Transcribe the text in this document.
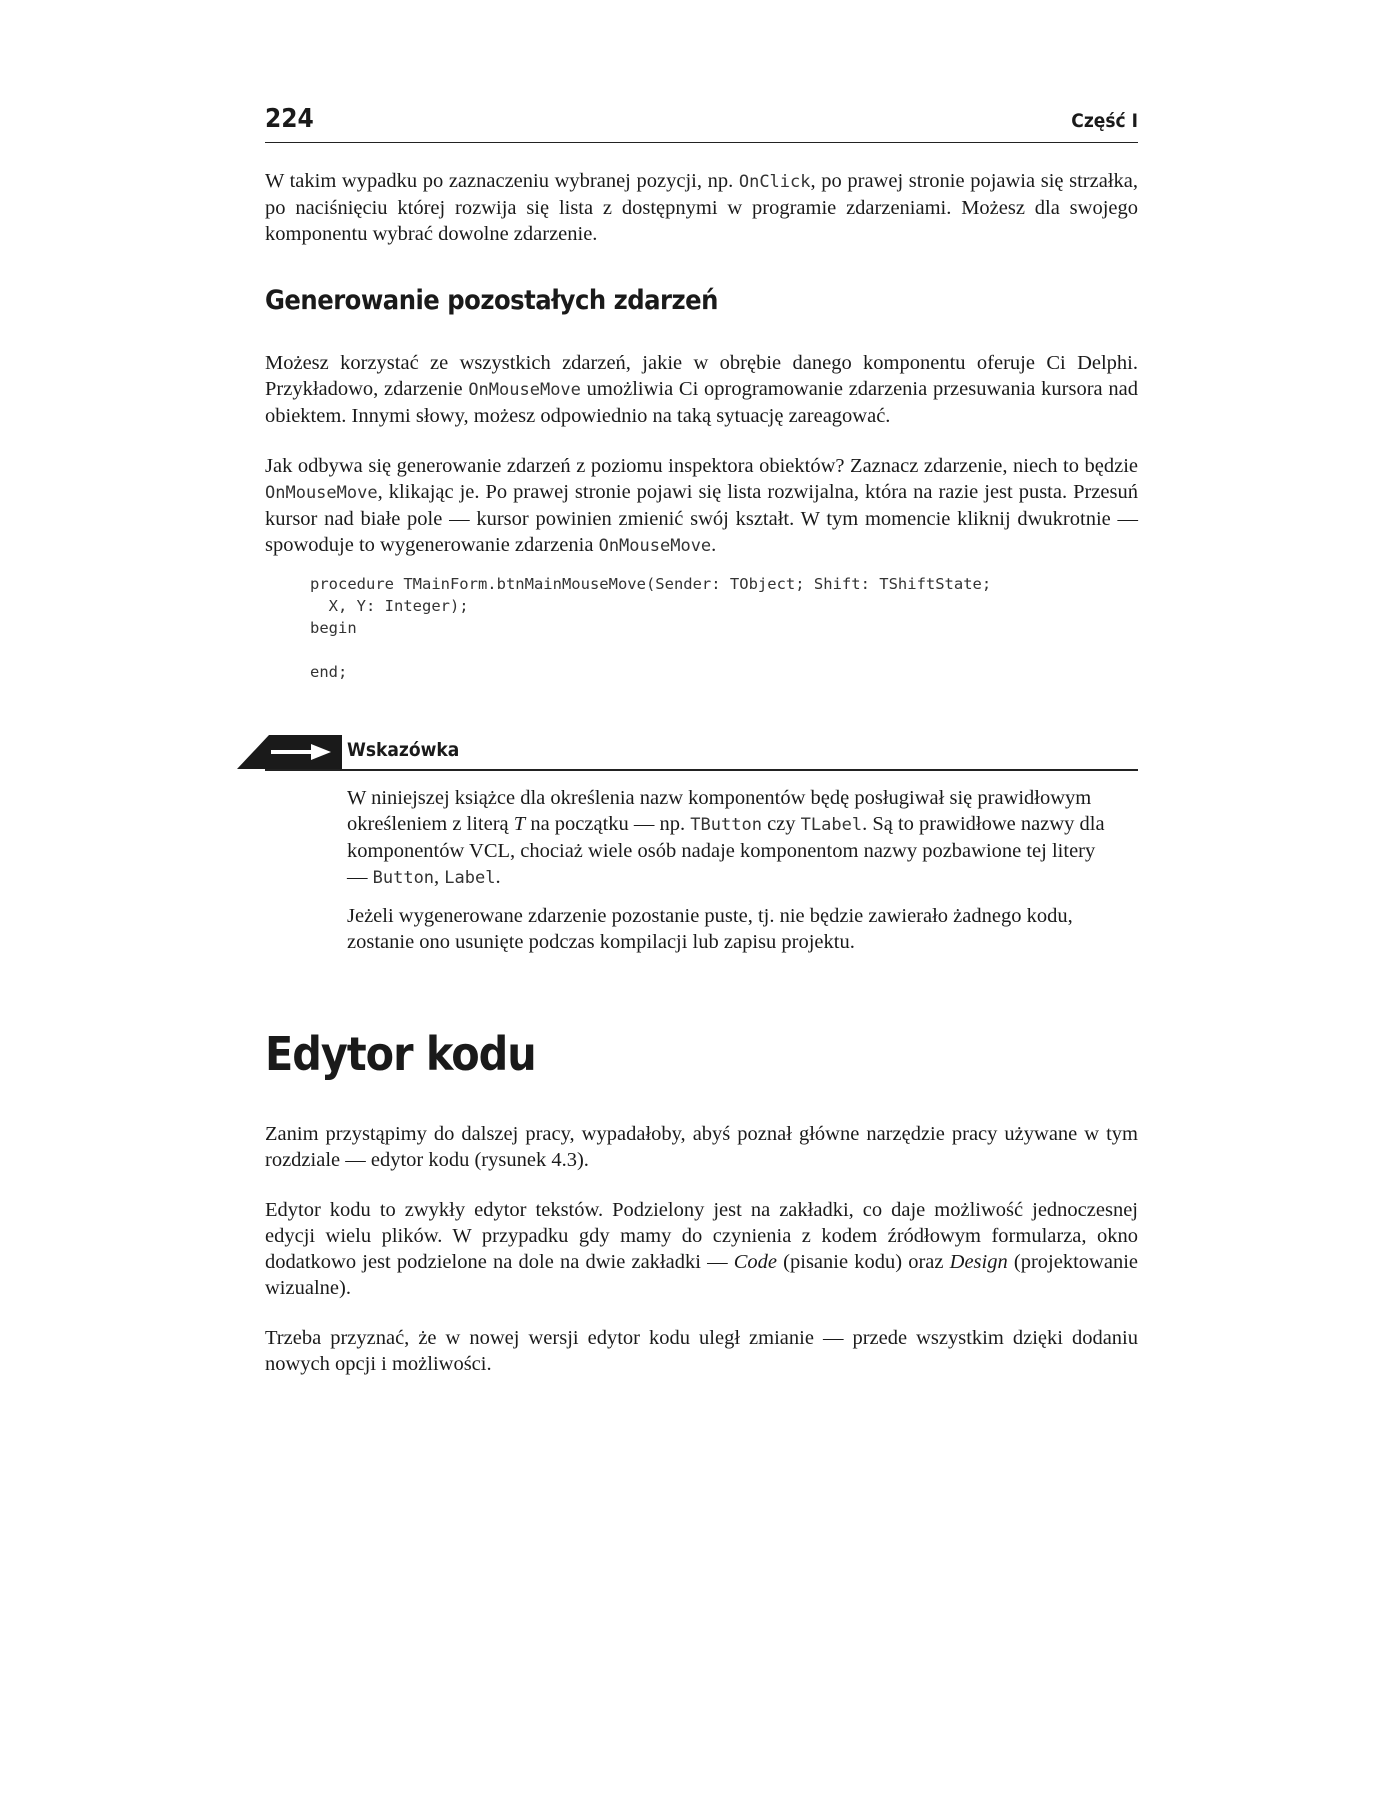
224	Część I

W takim wypadku po zaznaczeniu wybranej pozycji, np. OnClick, po prawej stronie pojawia się strzałka, po naciśnięciu której rozwija się lista z dostępnymi w programie zdarzeniami. Możesz dla swojego komponentu wybrać dowolne zdarzenie.

Generowanie pozostałych zdarzeń

Możesz korzystać ze wszystkich zdarzeń, jakie w obrębie danego komponentu oferuje Ci Delphi. Przykładowo, zdarzenie OnMouseMove umożliwia Ci oprogramowanie zdarzenia przesuwania kursora nad obiektem. Innymi słowy, możesz odpowiednio na taką sytuację zareagować.

Jak odbywa się generowanie zdarzeń z poziomu inspektora obiektów? Zaznacz zdarzenie, niech to będzie OnMouseMove, klikając je. Po prawej stronie pojawi się lista rozwijalna, która na razie jest pusta. Przesuń kursor nad białe pole — kursor powinien zmienić swój kształt. W tym momencie kliknij dwukrotnie — spowoduje to wygenerowanie zdarzenia OnMouseMove.

procedure TMainForm.btnMainMouseMove(Sender: TObject; Shift: TShiftState;
X, Y: Integer);
begin

end;
Wskazówka

W niniejszej książce dla określenia nazw komponentów będę posługiwał się prawidłowym określeniem z literą T na początku — np. TButton czy TLabel. Są to prawidłowe nazwy dla komponentów VCL, chociaż wiele osób nadaje komponentom nazwy pozbawione tej litery — Button, Label.

Jeżeli wygenerowane zdarzenie pozostanie puste, tj. nie będzie zawierało żadnego kodu, zostanie ono usunięte podczas kompilacji lub zapisu projektu.

Edytor kodu

Zanim przystąpimy do dalszej pracy, wypadałoby, abyś poznał główne narzędzie pracy używane w tym rozdziale — edytor kodu (rysunek 4.3).

Edytor kodu to zwykły edytor tekstów. Podzielony jest na zakładki, co daje możliwość jednoczesnej edycji wielu plików. W przypadku gdy mamy do czynienia z kodem źródłowym formularza, okno dodatkowo jest podzielone na dole na dwie zakładki — Code (pisanie kodu) oraz Design (projektowanie wizualne).

Trzeba przyznać, że w nowej wersji edytor kodu uległ zmianie — przede wszystkim dzięki dodaniu nowych opcji i możliwości.
